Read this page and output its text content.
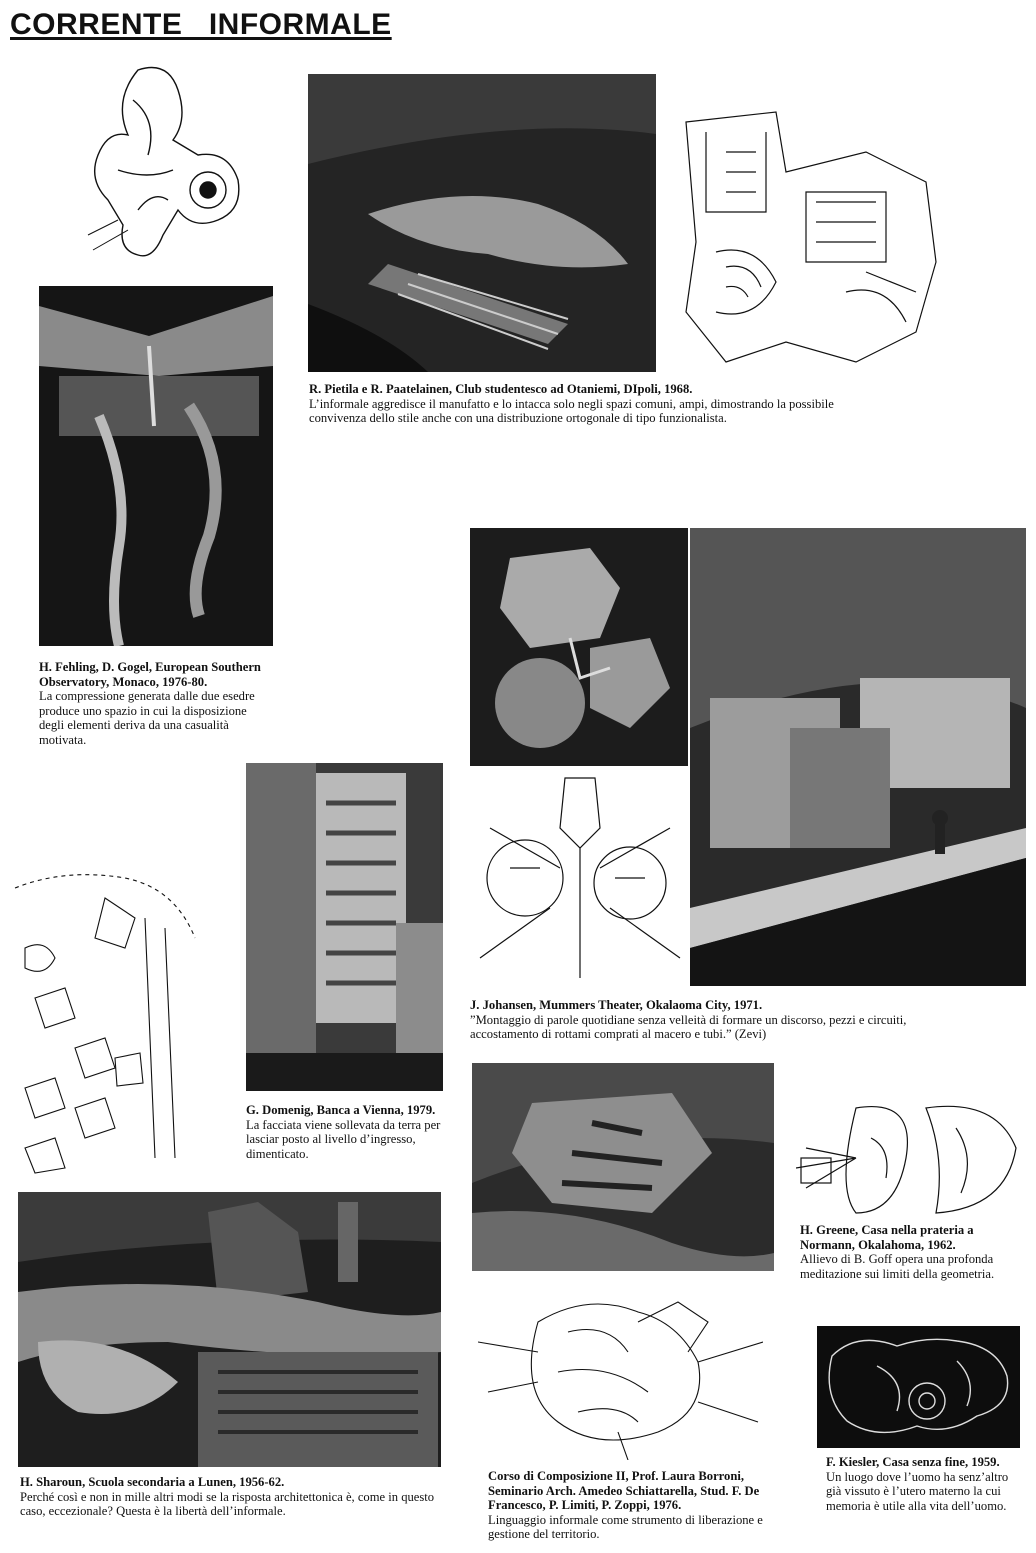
CORRENTE   INFORMALE
R. Pietila e R. Paatelainen, Club studentesco ad Otaniemi, DIpoli, 1968.
L’informale aggredisce il manufatto e lo intacca solo negli spazi comuni, ampi, dimostrando la possibile convivenza dello stile anche con una distribuzione ortogonale di tipo funzionalista.
H. Fehling, D. Gogel, European Southern Observatory, Monaco, 1976-80.
La compressione generata dalle due esedre produce uno spazio in cui la disposizione degli elementi deriva da una casualità motivata.
J. Johansen, Mummers Theater, Okalaoma City, 1971.
”Montaggio di parole quotidiane senza velleità di formare un discorso, pezzi e circuiti, accostamento di rottami comprati al macero e tubi.” (Zevi)
G. Domenig, Banca a Vienna, 1979.
La facciata viene sollevata da terra per lasciar posto al livello d’ingresso, dimenticato.
H. Greene, Casa nella prateria a Normann, Okalahoma, 1962.
Allievo di B. Goff opera una profonda meditazione sui limiti della geometria.
H. Sharoun, Scuola secondaria a Lunen, 1956-62.
Perché così e non in mille altri modi se la risposta architettonica è, come in questo caso, eccezionale? Questa è la libertà dell’informale.
Corso di Composizione II, Prof. Laura Borroni, Seminario Arch. Amedeo Schiattarella, Stud. F. De Francesco, P. Limiti, P. Zoppi, 1976.
Linguaggio informale come strumento di liberazione e gestione del territorio.
F. Kiesler, Casa senza fine, 1959.
Un luogo dove l’uomo ha senz’altro già vissuto è l’utero materno la cui memoria è utile alla vita dell’uomo.
